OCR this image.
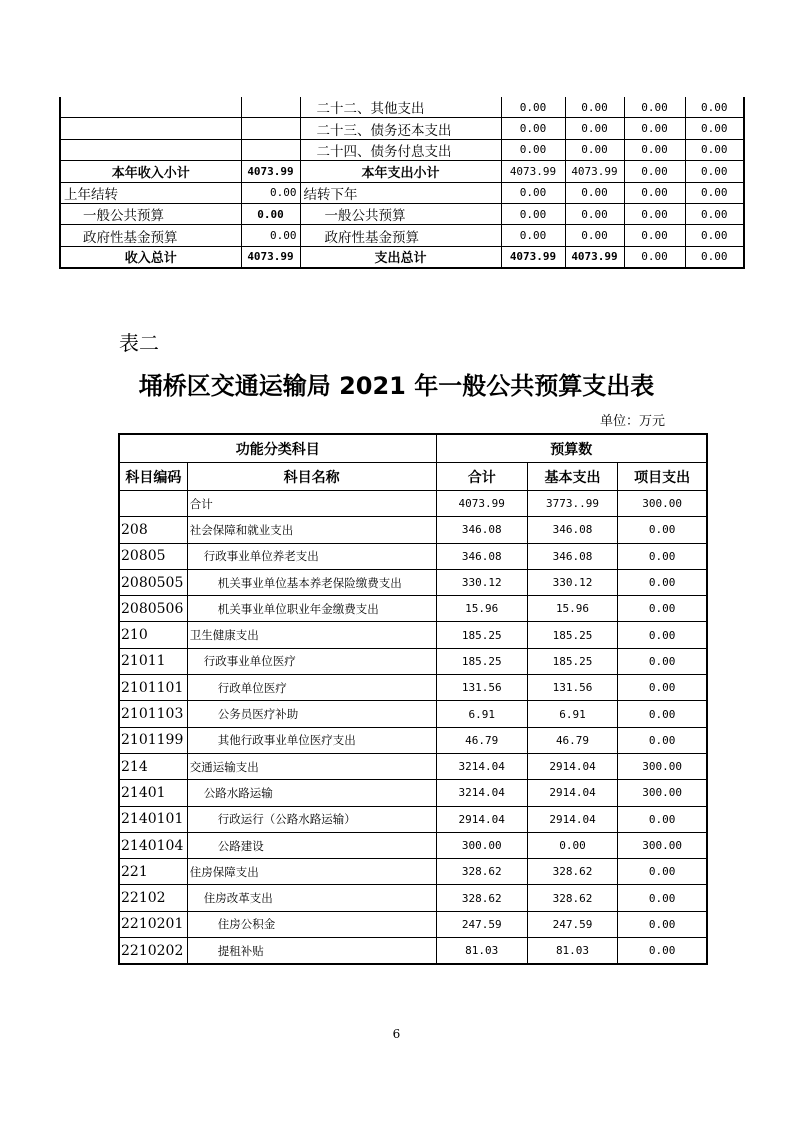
		二十二、其他支出	0.00	0.00	0.00	0.00
		二十三、债务还本支出	0.00	0.00	0.00	0.00
		二十四、债务付息支出	0.00	0.00	0.00	0.00
本年收入小计	4073.99	本年支出小计	4073.99	4073.99	0.00	0.00
上年结转	0.00	结转下年	0.00	0.00	0.00	0.00
一般公共预算	0.00	一般公共预算	0.00	0.00	0.00	0.00
政府性基金预算	0.00	政府性基金预算	0.00	0.00	0.00	0.00
收入总计	4073.99	支出总计	4073.99	4073.99	0.00	0.00
表二
埇桥区交通运输局 2021 年一般公共预算支出表
单位：万元
功能分类科目		预算数		
科目编码	科目名称	合计	基本支出	项目支出
	合计	4073.99	3773..99	300.00
208	社会保障和就业支出	346.08	346.08	0.00
20805	行政事业单位养老支出	346.08	346.08	0.00
2080505	机关事业单位基本养老保险缴费支出	330.12	330.12	0.00
2080506	机关事业单位职业年金缴费支出	15.96	15.96	0.00
210	卫生健康支出	185.25	185.25	0.00
21011	行政事业单位医疗	185.25	185.25	0.00
2101101	行政单位医疗	131.56	131.56	0.00
2101103	公务员医疗补助	6.91	6.91	0.00
2101199	其他行政事业单位医疗支出	46.79	46.79	0.00
214	交通运输支出	3214.04	2914.04	300.00
21401	公路水路运输	3214.04	2914.04	300.00
2140101	行政运行（公路水路运输）	2914.04	2914.04	0.00
2140104	公路建设	300.00	0.00	300.00
221	住房保障支出	328.62	328.62	0.00
22102	住房改革支出	328.62	328.62	0.00
2210201	住房公积金	247.59	247.59	0.00
2210202	提租补贴	81.03	81.03	0.00
6
